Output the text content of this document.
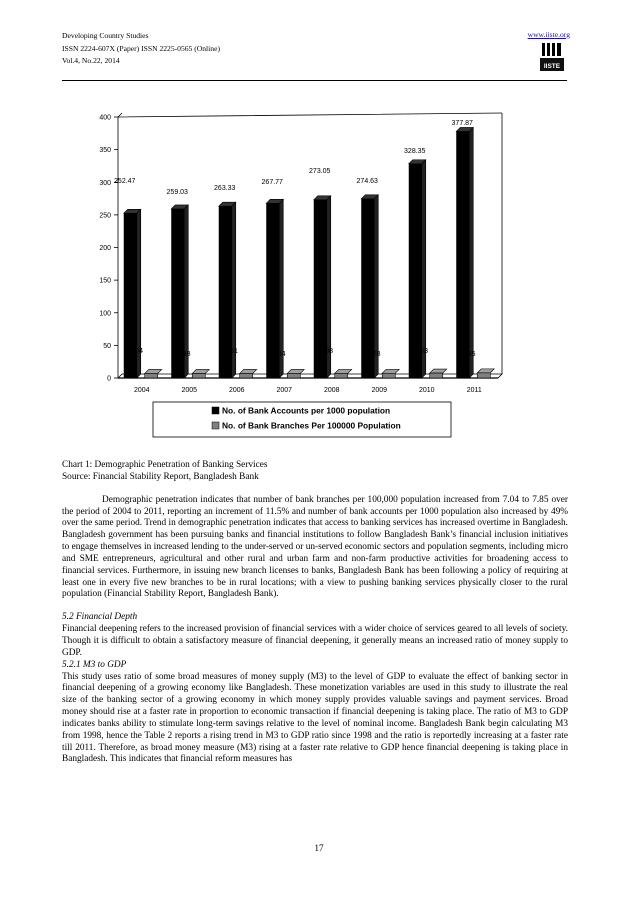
Developing Country Studies
ISSN 2224-607X (Paper) ISSN 2225-0565 (Online)
Vol.4, No.22, 2014
www.iiste.org
IISTE
0
50
100
150
200
250
300
350
400
252.47
7.04
2004
259.03
6.98
2005
263.33
7.01
2006
267.77
7.04
2007
273.05
7.08
2008
274.63
7.28
2009
328.35
7.53
2010
377.87
7.85
2011
No. of Bank Accounts per 1000 population
No. of Bank Branches Per 100000 Population

Chart 1: Demographic Penetration of Banking Services

Source: Financial Stability Report, Bangladesh Bank

Demographic penetration indicates that number of bank branches per 100,000 population increased from 7.04 to 7.85 over the period of 2004 to 2011, reporting an increment of 11.5% and number of bank accounts per 1000 population also increased by 49% over the same period. Trend in demographic penetration indicates that access to banking services has increased overtime in Bangladesh. Bangladesh government has been pursuing banks and financial institutions to follow Bangladesh Bank’s financial inclusion initiatives to engage themselves in increased lending to the under-served or un-served economic sectors and population segments, including micro and SME entrepreneurs, agricultural and other rural and urban farm and non-farm productive activities for broadening access to financial services. Furthermore, in issuing new branch licenses to banks, Bangladesh Bank has been following a policy of requiring at least one in every five new branches to be in rural locations; with a view to pushing banking services physically closer to the rural population (Financial Stability Report, Bangladesh Bank).

5.2 Financial Depth

Financial deepening refers to the increased provision of financial services with a wider choice of services geared to all levels of society. Though it is difficult to obtain a satisfactory measure of financial deepening, it generally means an increased ratio of money supply to GDP.

5.2.1 M3 to GDP

This study uses ratio of some broad measures of money supply (M3) to the level of GDP to evaluate the effect of banking sector in financial deepening of a growing economy like Bangladesh. These monetization variables are used in this study to illustrate the real size of the banking sector of a growing economy in which money supply provides valuable savings and payment services. Broad money should rise at a faster rate in proportion to economic transaction if financial deepening is taking place. The ratio of M3 to GDP indicates banks ability to stimulate long-term savings relative to the level of nominal income. Bangladesh Bank begin calculating M3 from 1998, hence the Table 2 reports a rising trend in M3 to GDP ratio since 1998 and the ratio is reportedly increasing at a faster rate till 2011. Therefore, as broad money measure (M3) rising at a faster rate relative to GDP hence financial deepening is taking place in Bangladesh. This indicates that financial reform measures has

17
